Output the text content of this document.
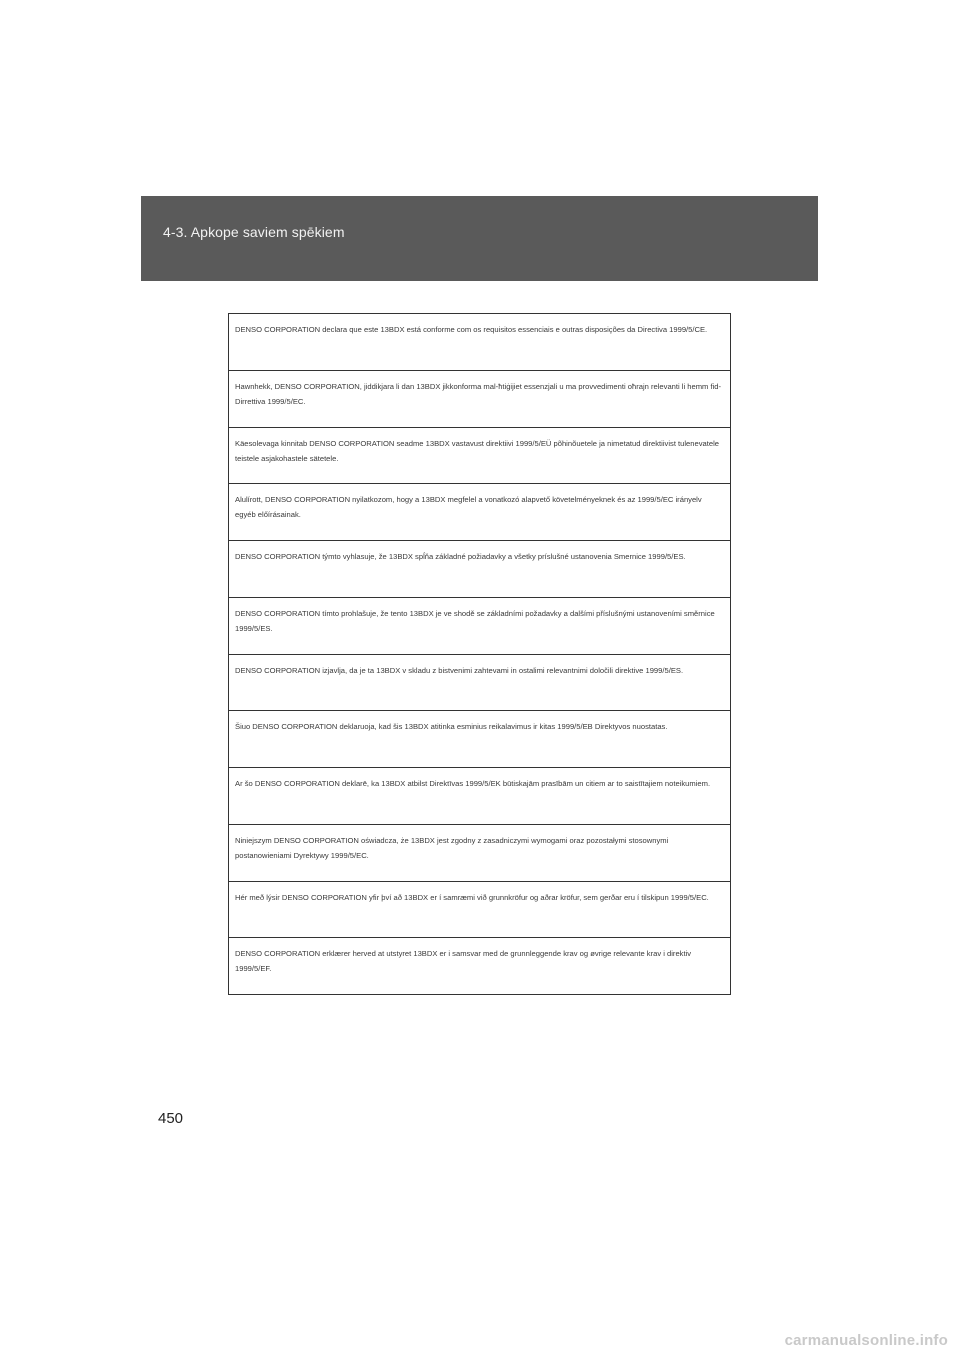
4-3. Apkope saviem spēkiem
DENSO CORPORATION declara que este 13BDX está conforme com os requisitos essenciais e outras disposições da Directiva 1999/5/CE.
Hawnhekk, DENSO CORPORATION, jiddikjara li dan 13BDX jikkonforma mal-ħtiġijiet essenzjali u ma provvedimenti oħrajn relevanti li hemm fid-Dirrettiva 1999/5/EC.
Käesolevaga kinnitab DENSO CORPORATION seadme 13BDX vastavust direktiivi 1999/5/EÜ põhinõuetele ja nimetatud direktiivist tulenevatele teistele asjakohastele sätetele.
Alulírott, DENSO CORPORATION nyilatkozom, hogy a 13BDX megfelel a vonatkozó alapvető követelményeknek és az 1999/5/EC irányelv egyéb előírásainak.
DENSO CORPORATION týmto vyhlasuje, že 13BDX spĺňa základné požiadavky a všetky príslušné ustanovenia Smernice 1999/5/ES.
DENSO CORPORATION tímto prohlašuje, že tento 13BDX je ve shodě se základními požadavky a dalšími příslušnými ustanoveními směrnice 1999/5/ES.
DENSO CORPORATION izjavlja, da je ta 13BDX v skladu z bistvenimi zahtevami in ostalimi relevantnimi določili direktive 1999/5/ES.
Šiuo DENSO CORPORATION deklaruoja, kad šis 13BDX atitinka esminius reikalavimus ir kitas 1999/5/EB Direktyvos nuostatas.
Ar šo DENSO CORPORATION deklarē, ka 13BDX atbilst Direktīvas 1999/5/EK būtiskajām prasībām un citiem ar to saistītajiem noteikumiem.
Niniejszym DENSO CORPORATION oświadcza, że 13BDX jest zgodny z zasadniczymi wymogami oraz pozostałymi stosownymi postanowieniami Dyrektywy 1999/5/EC.
Hér með lýsir DENSO CORPORATION yfir því að 13BDX er í samræmi við grunnkröfur og aðrar kröfur, sem gerðar eru í tilskipun 1999/5/EC.
DENSO CORPORATION erklærer herved at utstyret 13BDX er i samsvar med de grunnleggende krav og øvrige relevante krav i direktiv 1999/5/EF.
450
carmanualsonline.info
